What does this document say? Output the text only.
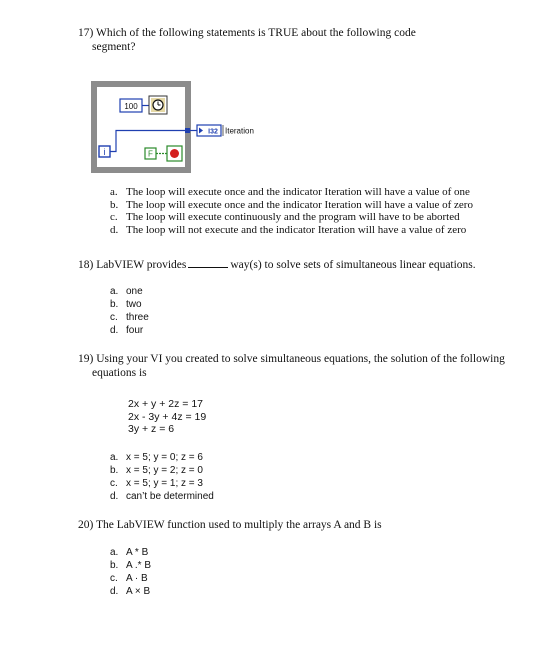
17) Which of the following statements is TRUE about the following code
segment?
100
i
I32 Iteration
F
a. The loop will execute once and the indicator Iteration will have a value of one
b. The loop will execute once and the indicator Iteration will have a value of zero
c. The loop will execute continuously and the program will have to be aborted
d. The loop will not execute and the indicator Iteration will have a value of zero
18) LabVIEW provides	way(s) to solve sets of simultaneous linear equations.
a. one
b. two
c. three
d. four
19) Using your VI you created to solve simultaneous equations, the solution of the following
equations is
2x + y + 2z = 17
2x - 3y + 4z = 19
3y + z = 6
a. x = 5; y = 0; z = 6
b. x = 5; y = 2; z = 0
c. x = 5; y = 1; z = 3
d. can’t be determined
20) The LabVIEW function used to multiply the arrays A and B is
a. A * B
b. A .* B
c. A · B
d. A × B
